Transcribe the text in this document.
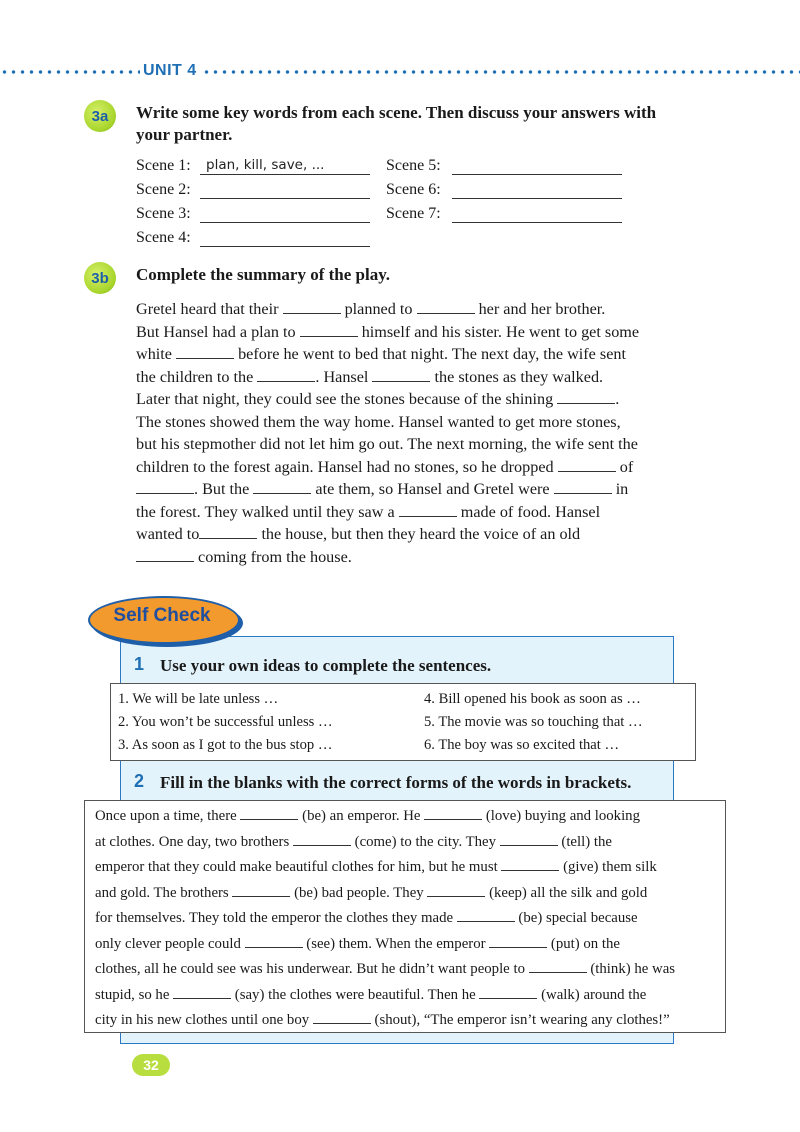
UNIT 4
3a	Write some key words from each scene. Then discuss your answers with
your partner.
Scene 1:	plan, kill, save, ...
Scene 2:
Scene 3:
Scene 4:
Scene 5:
Scene 6:
Scene 7:
3b	Complete the summary of the play.
Gretel heard that their	planned to	her and her brother.
But Hansel had a plan to	himself and his sister. He went to get some
white	before he went to bed that night. The next day, the wife sent
the children to the	. Hansel	the stones as they walked.
Later that night, they could see the stones because of the shining	.
The stones showed them the way home. Hansel wanted to get more stones,
but his stepmother did not let him go out. The next morning, the wife sent the
children to the forest again. Hansel had no stones, so he dropped	of
. But the	ate them, so Hansel and Gretel were	in
the forest. They walked until they saw a	made of food. Hansel
wanted to	the house, but then they heard the voice of an old
coming from the house.
Self Check
1 Use your own ideas to complete the sentences.
1. We will be late unless …
2. You won’t be successful unless …
3. As soon as I got to the bus stop …
4. Bill opened his book as soon as …
5. The movie was so touching that …
6. The boy was so excited that …
2 Fill in the blanks with the correct forms of the words in brackets.
Once upon a time, there	(be) an emperor. He	(love) buying and looking
at clothes. One day, two brothers	(come) to the city. They	(tell) the
emperor that they could make beautiful clothes for him, but he must	(give) them silk
and gold. The brothers	(be) bad people. They	(keep) all the silk and gold
for themselves. They told the emperor the clothes they made	(be) special because
only clever people could	(see) them. When the emperor	(put) on the
clothes, all he could see was his underwear. But he didn’t want people to	(think) he was
stupid, so he	(say) the clothes were beautiful. Then he	(walk) around the
city in his new clothes until one boy	(shout), “The emperor isn’t wearing any clothes!”
32
